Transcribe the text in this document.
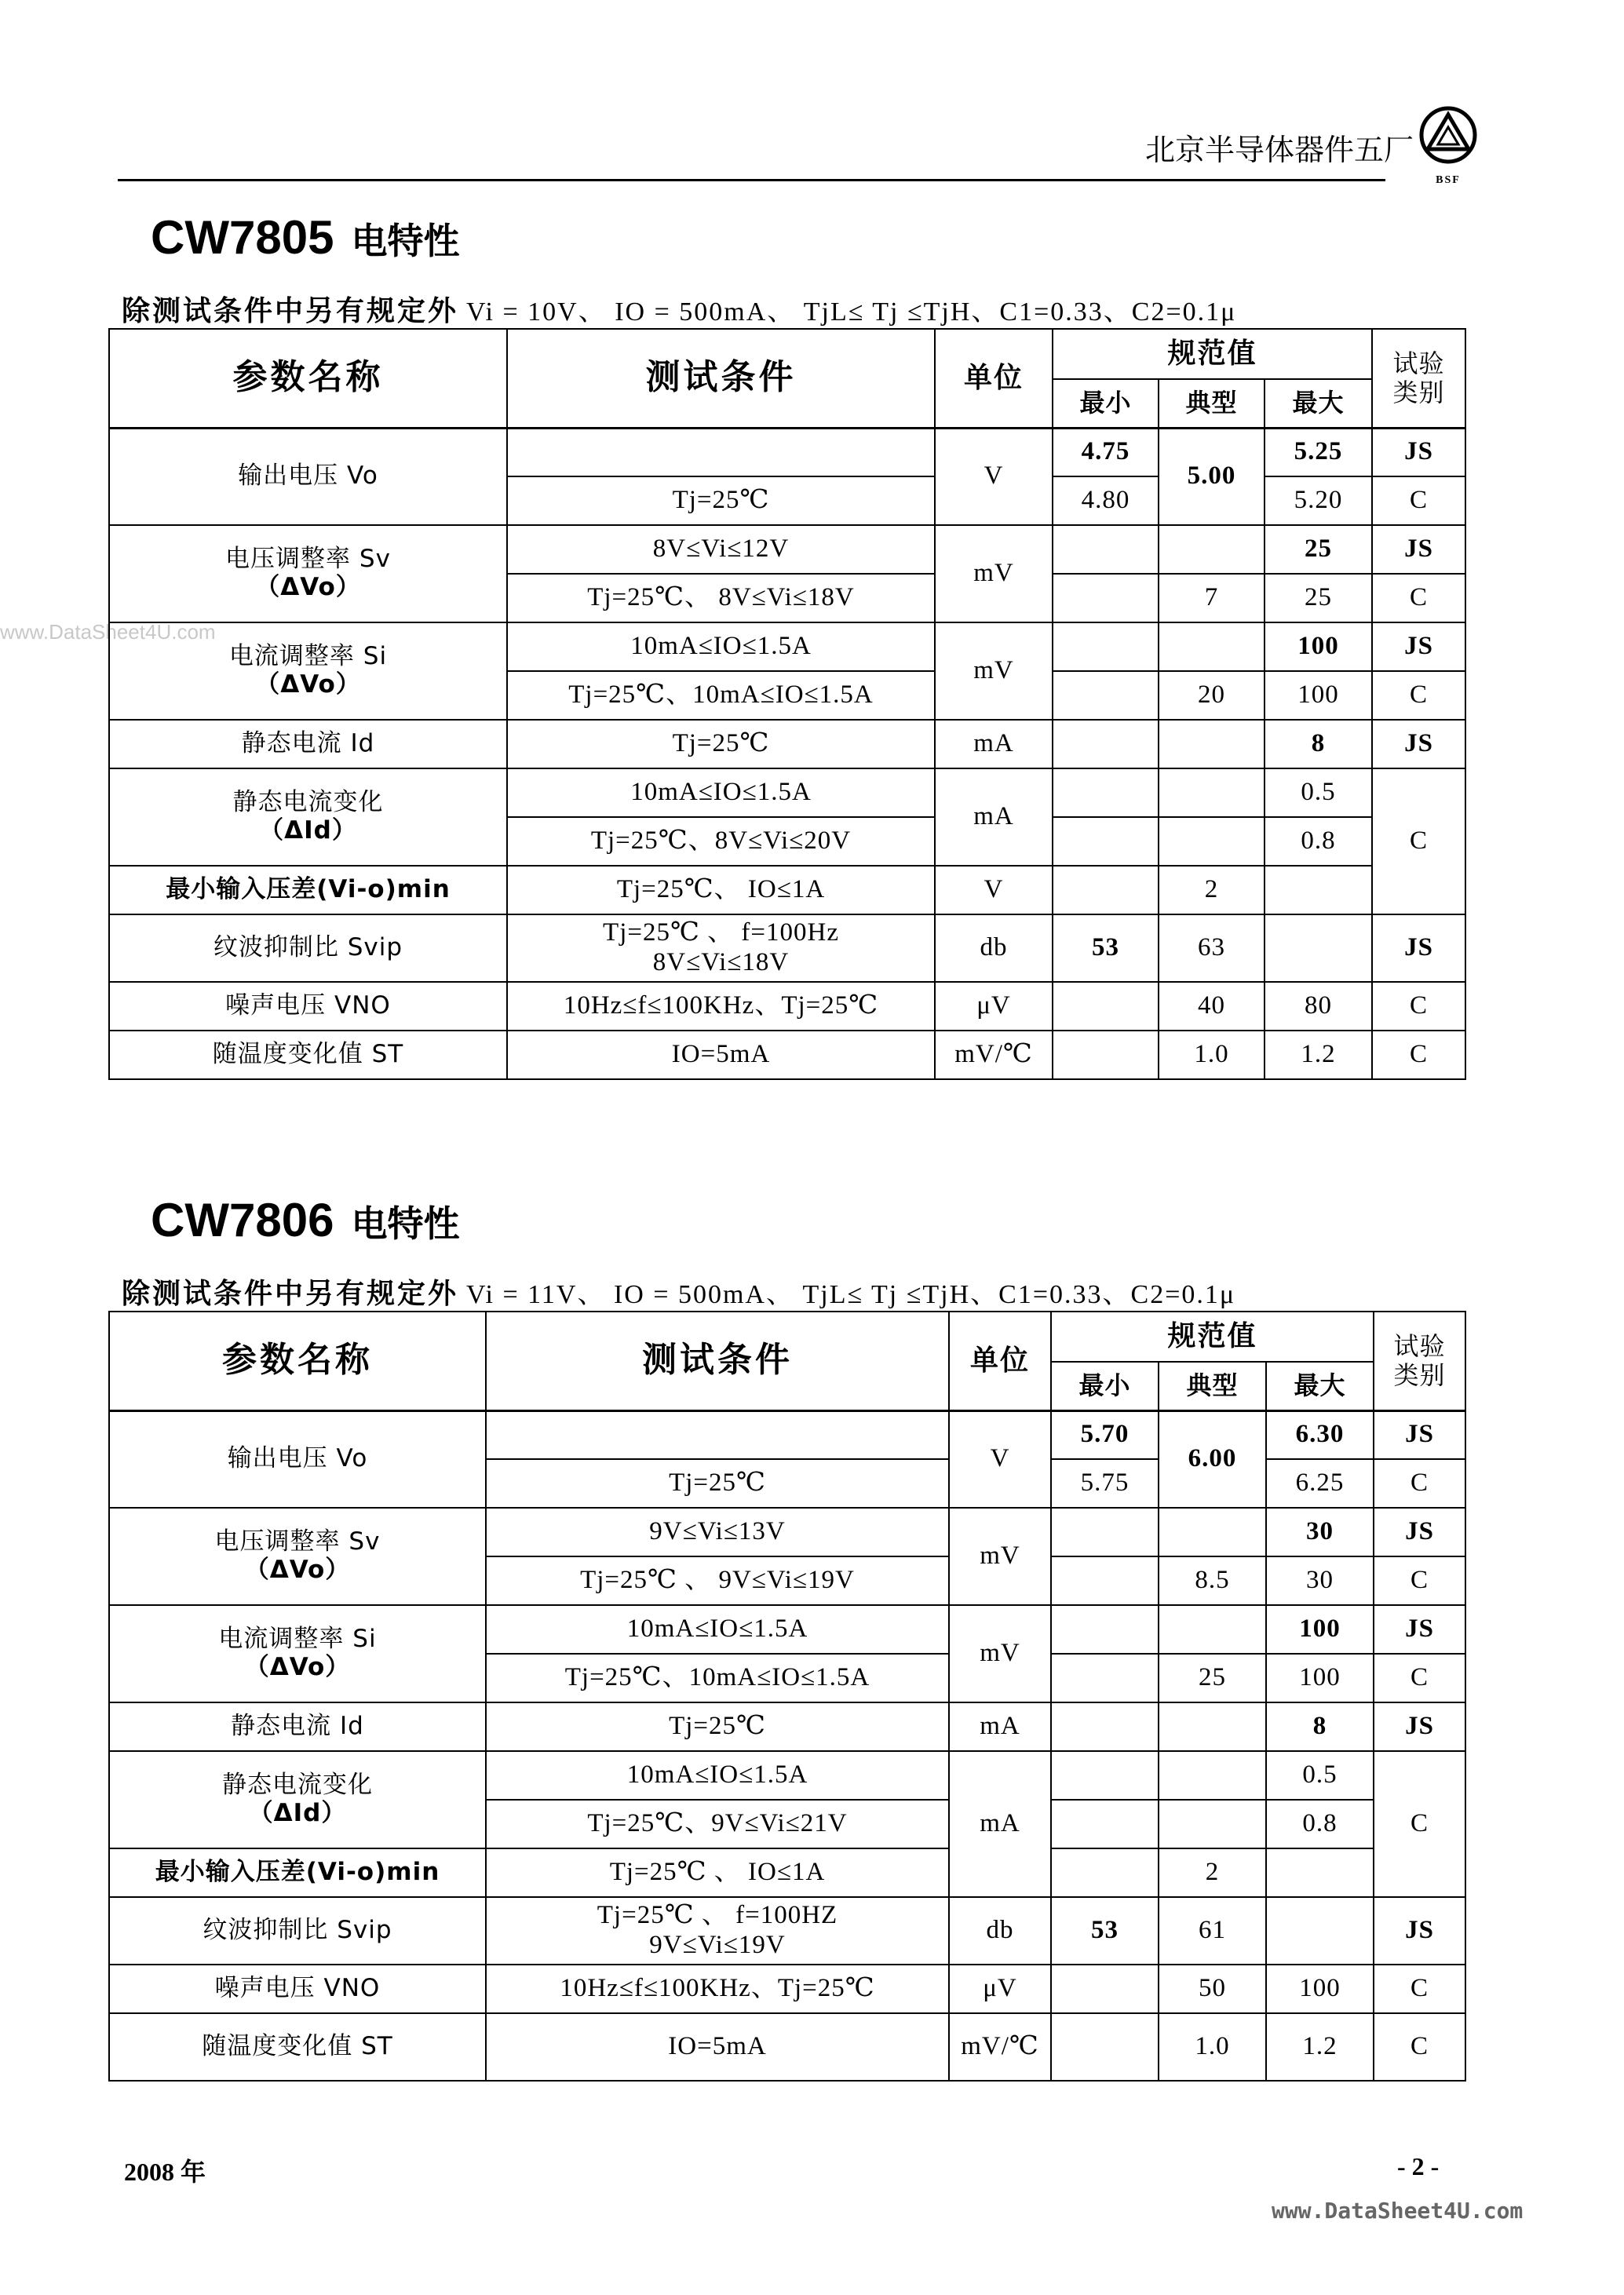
北京半导体器件五厂
BSF
www.DataSheet4U.com
CW7805 电特性
除测试条件中另有规定外 Vi = 10V、 IO = 500mA、 TjL≤ Tj ≤TjH、C1=0.33、C2=0.1μ
参数名称	测试条件	单位	规范值			试验
类别
			最小	典型	最大	
输出电压 Vo		V	4.75	5.00	5.25	JS
	Tj=25℃		4.80		5.20	C
电压调整率 Sv
（ΔVo）	8V≤Vi≤12V	mV			25	JS
	Tj=25℃、 8V≤Vi≤18V			7	25	C
电流调整率 Si
（ΔVo）	10mA≤IO≤1.5A	mV			100	JS
	Tj=25℃、10mA≤IO≤1.5A			20	100	C
静态电流 Id	Tj=25℃	mA			8	JS
静态电流变化
（ΔId）	10mA≤IO≤1.5A	mA			0.5	C
	Tj=25℃、8V≤Vi≤20V				0.8	
最小输入压差(Vi-o)min	Tj=25℃、 IO≤1A	V		2		
纹波抑制比 Svip	Tj=25℃ 、 f=100Hz
8V≤Vi≤18V	db	53	63		JS
噪声电压 VNO	10Hz≤f≤100KHz、Tj=25℃	μV		40	80	C
随温度变化值 ST	IO=5mA	mV/℃		1.0	1.2	C
CW7806 电特性
除测试条件中另有规定外 Vi = 11V、 IO = 500mA、 TjL≤ Tj ≤TjH、C1=0.33、C2=0.1μ
参数名称	测试条件	单位	规范值			试验
类别
			最小	典型	最大	
输出电压 Vo		V	5.70	6.00	6.30	JS
	Tj=25℃		5.75		6.25	C
电压调整率 Sv
（ΔVo）	9V≤Vi≤13V	mV			30	JS
	Tj=25℃ 、 9V≤Vi≤19V			8.5	30	C
电流调整率 Si
（ΔVo）	10mA≤IO≤1.5A	mV			100	JS
	Tj=25℃、10mA≤IO≤1.5A			25	100	C
静态电流 Id	Tj=25℃	mA			8	JS
静态电流变化
（ΔId）	10mA≤IO≤1.5A	mA			0.5	C
	Tj=25℃、9V≤Vi≤21V				0.8	
最小输入压差(Vi-o)min	Tj=25℃ 、 IO≤1A			2		
纹波抑制比 Svip	Tj=25℃ 、 f=100HZ
9V≤Vi≤19V	db	53	61		JS
噪声电压 VNO	10Hz≤f≤100KHz、Tj=25℃	μV		50	100	C
随温度变化值 ST	IO=5mA	mV/℃		1.0	1.2	C
2008 年	- 2 -
www.DataSheet4U.com
